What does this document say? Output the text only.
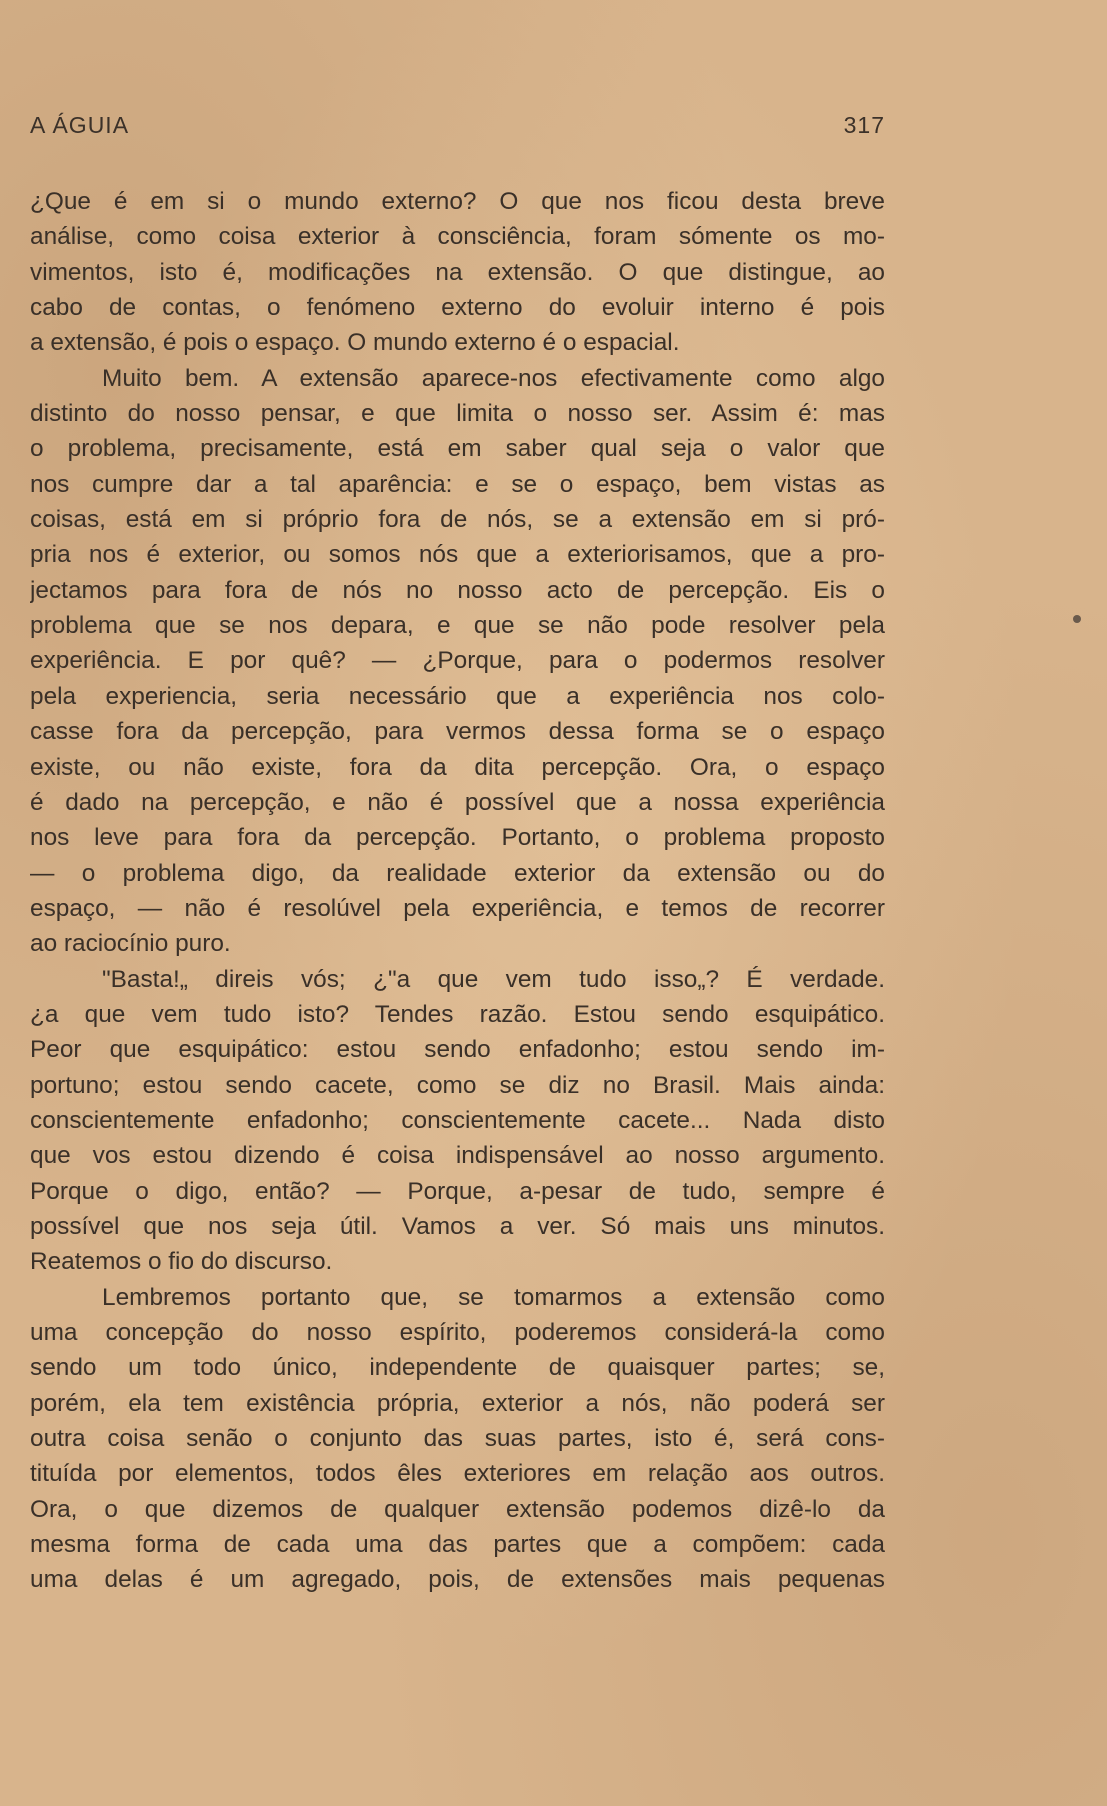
A ÁGUIA	317
¿Que é em si o mundo externo? O que nos ficou desta breve
análise, como coisa exterior à consciência, foram sómente os mo-
vimentos, isto é, modificações na extensão. O que distingue, ao
cabo de contas, o fenómeno externo do evoluir interno é pois
a extensão, é pois o espaço. O mundo externo é o espacial.
Muito bem. A extensão aparece-nos efectivamente como algo
distinto do nosso pensar, e que limita o nosso ser. Assim é: mas
o problema, precisamente, está em saber qual seja o valor que
nos cumpre dar a tal aparência: e se o espaço, bem vistas as
coisas, está em si próprio fora de nós, se a extensão em si pró-
pria nos é exterior, ou somos nós que a exteriorisamos, que a pro-
jectamos para fora de nós no nosso acto de percepção. Eis o
problema que se nos depara, e que se não pode resolver pela
experiência. E por quê? — ¿Porque, para o podermos resolver
pela experiencia, seria necessário que a experiência nos colo-
casse fora da percepção, para vermos dessa forma se o espaço
existe, ou não existe, fora da dita percepção. Ora, o espaço
é dado na percepção, e não é possível que a nossa experiência
nos leve para fora da percepção. Portanto, o problema proposto
— o problema digo, da realidade exterior da extensão ou do
espaço, — não é resolúvel pela experiência, e temos de recorrer
ao raciocínio puro.
"Basta!„ direis vós; ¿"a que vem tudo isso„? É verdade.
¿a que vem tudo isto? Tendes razão. Estou sendo esquipático.
Peor que esquipático: estou sendo enfadonho; estou sendo im-
portuno; estou sendo cacete, como se diz no Brasil. Mais ainda:
conscientemente enfadonho; conscientemente cacete... Nada disto
que vos estou dizendo é coisa indispensável ao nosso argumento.
Porque o digo, então? — Porque, a-pesar de tudo, sempre é
possível que nos seja útil. Vamos a ver. Só mais uns minutos.
Reatemos o fio do discurso.
Lembremos portanto que, se tomarmos a extensão como
uma concepção do nosso espírito, poderemos considerá-la como
sendo um todo único, independente de quaisquer partes; se,
porém, ela tem existência própria, exterior a nós, não poderá ser
outra coisa senão o conjunto das suas partes, isto é, será cons-
tituída por elementos, todos êles exteriores em relação aos outros.
Ora, o que dizemos de qualquer extensão podemos dizê-lo da
mesma forma de cada uma das partes que a compõem: cada
uma delas é um agregado, pois, de extensões mais pequenas
